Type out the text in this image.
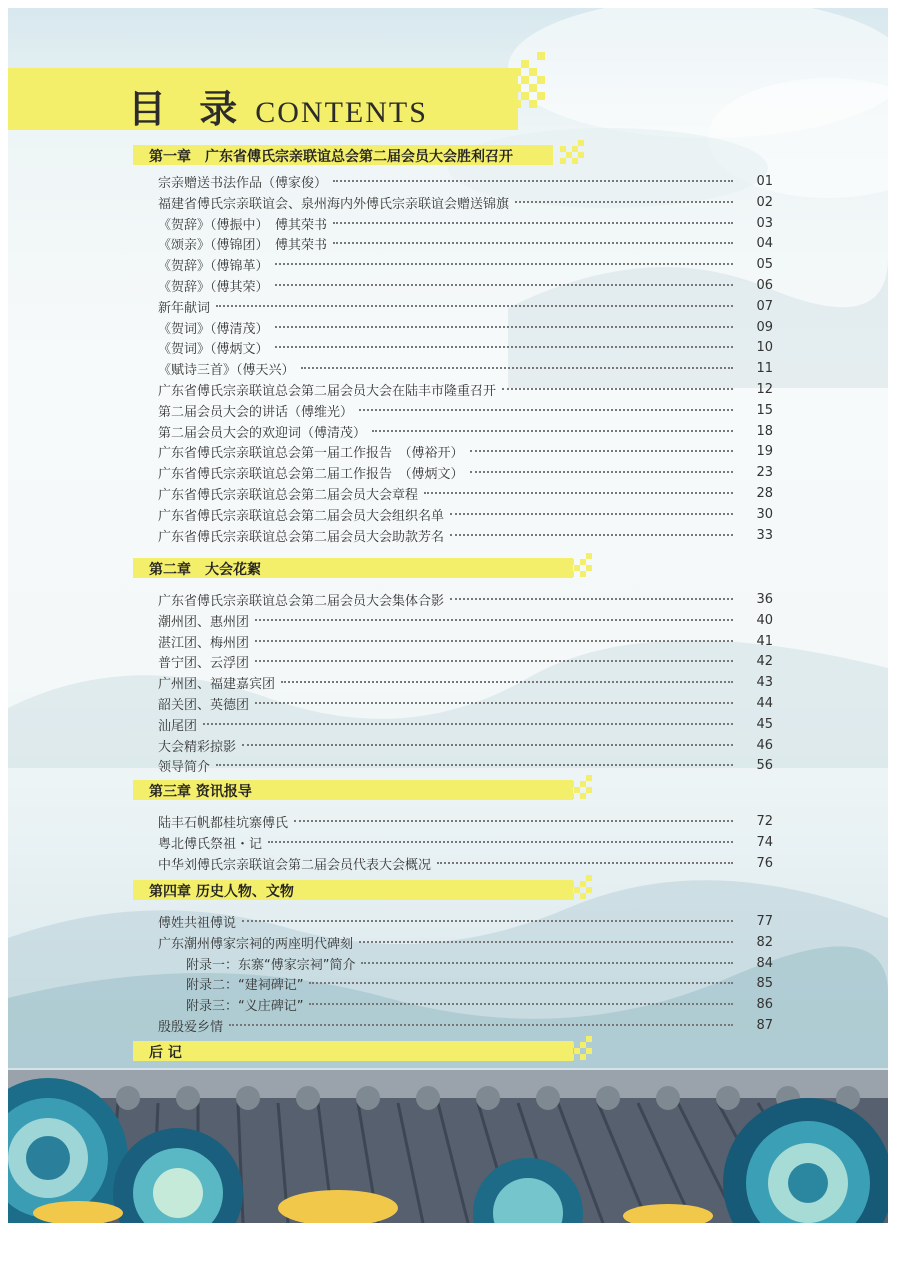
目 录 CONTENTS
第一章　广东省傅氏宗亲联谊总会第二届会员大会胜利召开
第二章　大会花絮
第三章 资讯报导
第四章 历史人物、文物
后 记
宗亲赠送书法作品（傅家俊）	01
福建省傅氏宗亲联谊会、泉州海内外傅氏宗亲联谊会赠送锦旗	02
《贺辞》（傅振中）　傅其荣书	03
《颂亲》（傅锦团）　傅其荣书	04
《贺辞》（傅锦革）	05
《贺辞》（傅其荣）	06
新年献词	07
《贺词》（傅清茂）	09
《贺词》（傅炳文）	10
《赋诗三首》（傅天兴）	11
广东省傅氏宗亲联谊总会第二届会员大会在陆丰市隆重召开	12
第二届会员大会的讲话（傅维光）	15
第二届会员大会的欢迎词（傅清茂）	18
广东省傅氏宗亲联谊总会第一届工作报告　（傅裕开）	19
广东省傅氏宗亲联谊总会第二届工作报告　（傅炳文）	23
广东省傅氏宗亲联谊总会第二届会员大会章程	28
广东省傅氏宗亲联谊总会第二届会员大会组织名单	30
广东省傅氏宗亲联谊总会第二届会员大会助款芳名	33
广东省傅氏宗亲联谊总会第二届会员大会集体合影	36
潮州团、惠州团	40
湛江团、梅州团	41
普宁团、云浮团	42
广州团、福建嘉宾团	43
韶关团、英德团	44
汕尾团	45
大会精彩掠影	46
领导简介	56
陆丰石帆都桂坑寨傅氏	72
粤北傅氏祭祖・记	74
中华刘傅氏宗亲联谊会第二届会员代表大会概况	76
傅姓共祖傅说	77
广东潮州傅家宗祠的两座明代碑刻	82
附录一：东寨“傅家宗祠”简介	84
附录二：“建祠碑记”	85
附录三：“义庄碑记”	86
殷殷爱乡情	87
